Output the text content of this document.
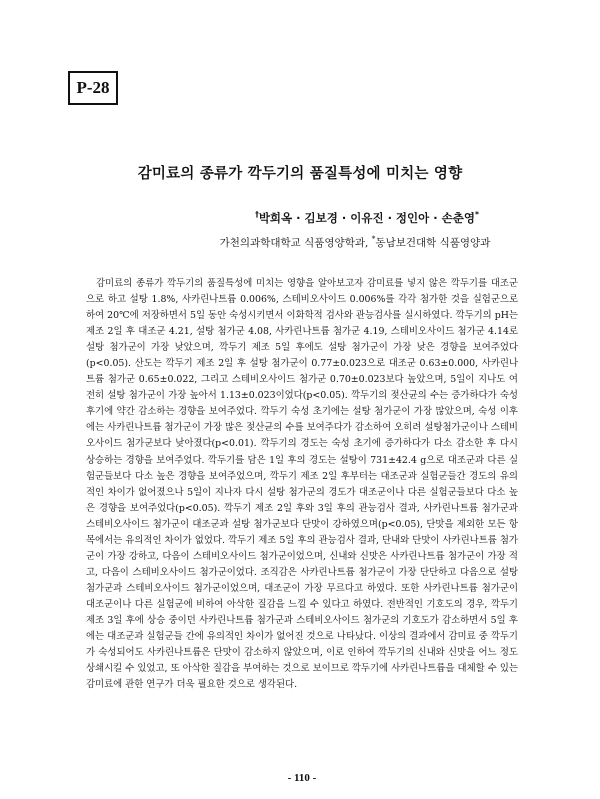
P-28
감미료의 종류가 깍두기의 품질특성에 미치는 영향
†박희옥 · 김보경 · 이유진 · 정인아 · 손춘영*
가천의과학대학교 식품영양학과, *동남보건대학 식품영양과

감미료의 종류가 깍두기의 품질특성에 미치는 영향을 알아보고자 감미료를 넣지 않은 깍두기를 대조군으로 하고 설탕 1.8%, 사카린나트륨 0.006%, 스테비오사이드 0.006%를 각각 첨가한 것을 실험군으로 하여 20℃에 저장하면서 5일 동안 숙성시키면서 이화학적 검사와 관능검사를 실시하였다. 깍두기의 pH는 제조 2일 후 대조군 4.21, 설탕 첨가군 4.08, 사카린나트륨 첨가군 4.19, 스테비오사이드 첨가군 4.14로 설탕 첨가군이 가장 낮았으며, 깍두기 제조 5일 후에도 설탕 첨가군이 가장 낮은 경향을 보여주었다(p<0.05). 산도는 깍두기 제조 2일 후 설탕 첨가군이 0.77±0.023으로 대조군 0.63±0.000, 사카린나트륨 첨가군 0.65±0.022, 그리고 스테비오사이드 첨가군 0.70±0.023보다 높았으며, 5일이 지나도 여전히 설탕 첨가군이 가장 높아서 1.13±0.023이었다(p<0.05). 깍두기의 젖산균의 수는 증가하다가 숙성 후기에 약간 감소하는 경향을 보여주었다. 깍두기 숙성 초기에는 설탕 첨가군이 가장 많았으며, 숙성 이후에는 사카린나트륨 첨가군이 가장 많은 젖산균의 수를 보여주다가 감소하여 오히려 설탕첨가군이나 스테비오사이드 첨가군보다 낮아졌다(p<0.01). 깍두기의 경도는 숙성 초기에 증가하다가 다소 감소한 후 다시 상승하는 경향을 보여주었다. 깍두기를 담은 1일 후의 경도는 설탕이 731±42.4 g으로 대조군과 다른 실험군들보다 다소 높은 경향을 보여주었으며, 깍두기 제조 2일 후부터는 대조군과 실험군들간 경도의 유의적인 차이가 없어졌으나 5일이 지나자 다시 설탕 첨가군의 경도가 대조군이나 다른 실험군들보다 다소 높은 경향을 보여주었다(p<0.05). 깍두기 제조 2일 후와 3일 후의 관능검사 결과, 사카린나트륨 첨가군과 스테비오사이드 첨가군이 대조군과 설탕 첨가군보다 단맛이 강하였으며(p<0.05), 단맛을 제외한 모든 항목에서는 유의적인 차이가 없었다. 깍두기 제조 5일 후의 관능검사 결과, 단내와 단맛이 사카린나트륨 첨가군이 가장 강하고, 다음이 스테비오사이드 첨가군이었으며, 신내와 신맛은 사카린나트륨 첨가군이 가장 적고, 다음이 스테비오사이드 첨가군이었다. 조직감은 사카린나트륨 첨가군이 가장 단단하고 다음으로 설탕첨가군과 스테비오사이드 첨가군이었으며, 대조군이 가장 무르다고 하였다. 또한 사카린나트륨 첨가군이 대조군이나 다른 실험군에 비하여 아삭한 질감을 느낄 수 있다고 하였다. 전반적인 기호도의 경우, 깍두기 제조 3일 후에 상승 중이던 사카린나트륨 첨가군과 스테비오사이드 첨가군의 기호도가 감소하면서 5일 후에는 대조군과 실험군들 간에 유의적인 차이가 없어진 것으로 나타났다. 이상의 결과에서 감미료 중 깍두기가 숙성되어도 사카린나트륨은 단맛이 감소하지 않았으며, 이로 인하여 깍두기의 신내와 신맛을 어느 정도 상쇄시킬 수 있었고, 또 아삭한 질감을 부여하는 것으로 보이므로 깍두기에 사카린나트륨을 대체할 수 있는 감미료에 관한 연구가 더욱 필요한 것으로 생각된다.

- 110 -
